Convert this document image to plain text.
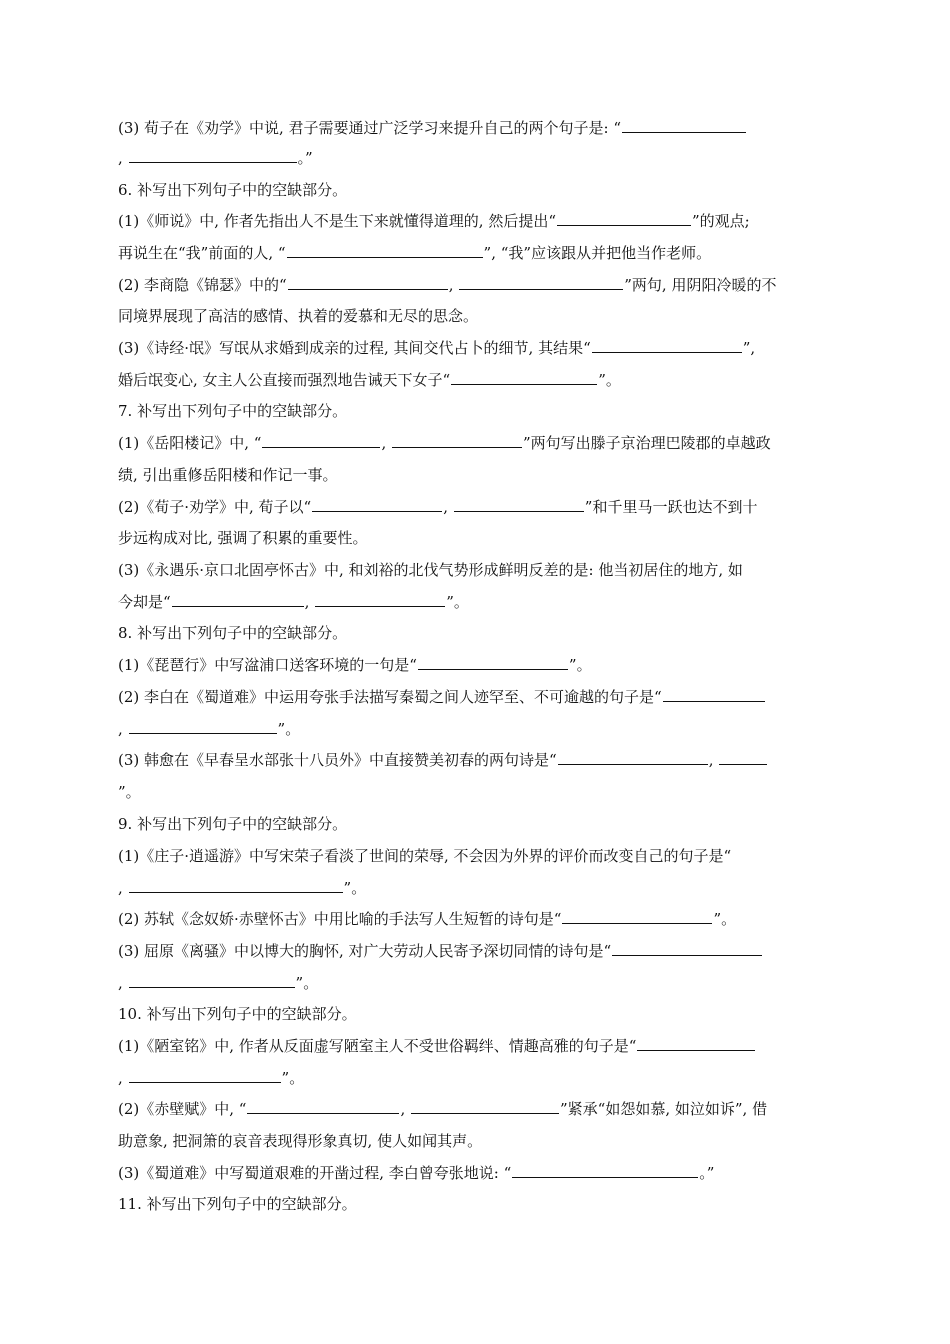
(3) 荀子在《劝学》中说, 君子需要通过广泛学习来提升自己的两个句子是: “
,	。”
6. 补写出下列句子中的空缺部分。
(1)《师说》中, 作者先指出人不是生下来就懂得道理的, 然后提出“	”的观点;
再说生在“我”前面的人, “	”, “我”应该跟从并把他当作老师。
(2) 李商隐《锦瑟》中的“	,	”两句, 用阴阳冷暖的不
同境界展现了高洁的感情、执着的爱慕和无尽的思念。
(3)《诗经·氓》写氓从求婚到成亲的过程, 其间交代占卜的细节, 其结果“	”,
婚后氓变心, 女主人公直接而强烈地告诫天下女子“	”。
7. 补写出下列句子中的空缺部分。
(1)《岳阳楼记》中, “	,	”两句写出滕子京治理巴陵郡的卓越政
绩, 引出重修岳阳楼和作记一事。
(2)《荀子·劝学》中, 荀子以“	,	”和千里马一跃也达不到十
步远构成对比, 强调了积累的重要性。
(3)《永遇乐·京口北固亭怀古》中, 和刘裕的北伐气势形成鲜明反差的是: 他当初居住的地方, 如
今却是“	,	”。
8. 补写出下列句子中的空缺部分。
(1)《琵琶行》中写湓浦口送客环境的一句是“	”。
(2) 李白在《蜀道难》中运用夸张手法描写秦蜀之间人迹罕至、不可逾越的句子是“
,	”。
(3) 韩愈在《早春呈水部张十八员外》中直接赞美初春的两句诗是“	,
”。
9. 补写出下列句子中的空缺部分。
(1)《庄子·逍遥游》中写宋荣子看淡了世间的荣辱, 不会因为外界的评价而改变自己的句子是“
,	”。
(2) 苏轼《念奴娇·赤壁怀古》中用比喻的手法写人生短暂的诗句是“	”。
(3) 屈原《离骚》中以博大的胸怀, 对广大劳动人民寄予深切同情的诗句是“
,	”。
10. 补写出下列句子中的空缺部分。
(1)《陋室铭》中, 作者从反面虚写陋室主人不受世俗羁绊、情趣高雅的句子是“
,	”。
(2)《赤壁赋》中, “	,	”紧承“如怨如慕, 如泣如诉”, 借
助意象, 把洞箫的哀音表现得形象真切, 使人如闻其声。
(3)《蜀道难》中写蜀道艰难的开凿过程, 李白曾夸张地说: “	。”
11. 补写出下列句子中的空缺部分。
